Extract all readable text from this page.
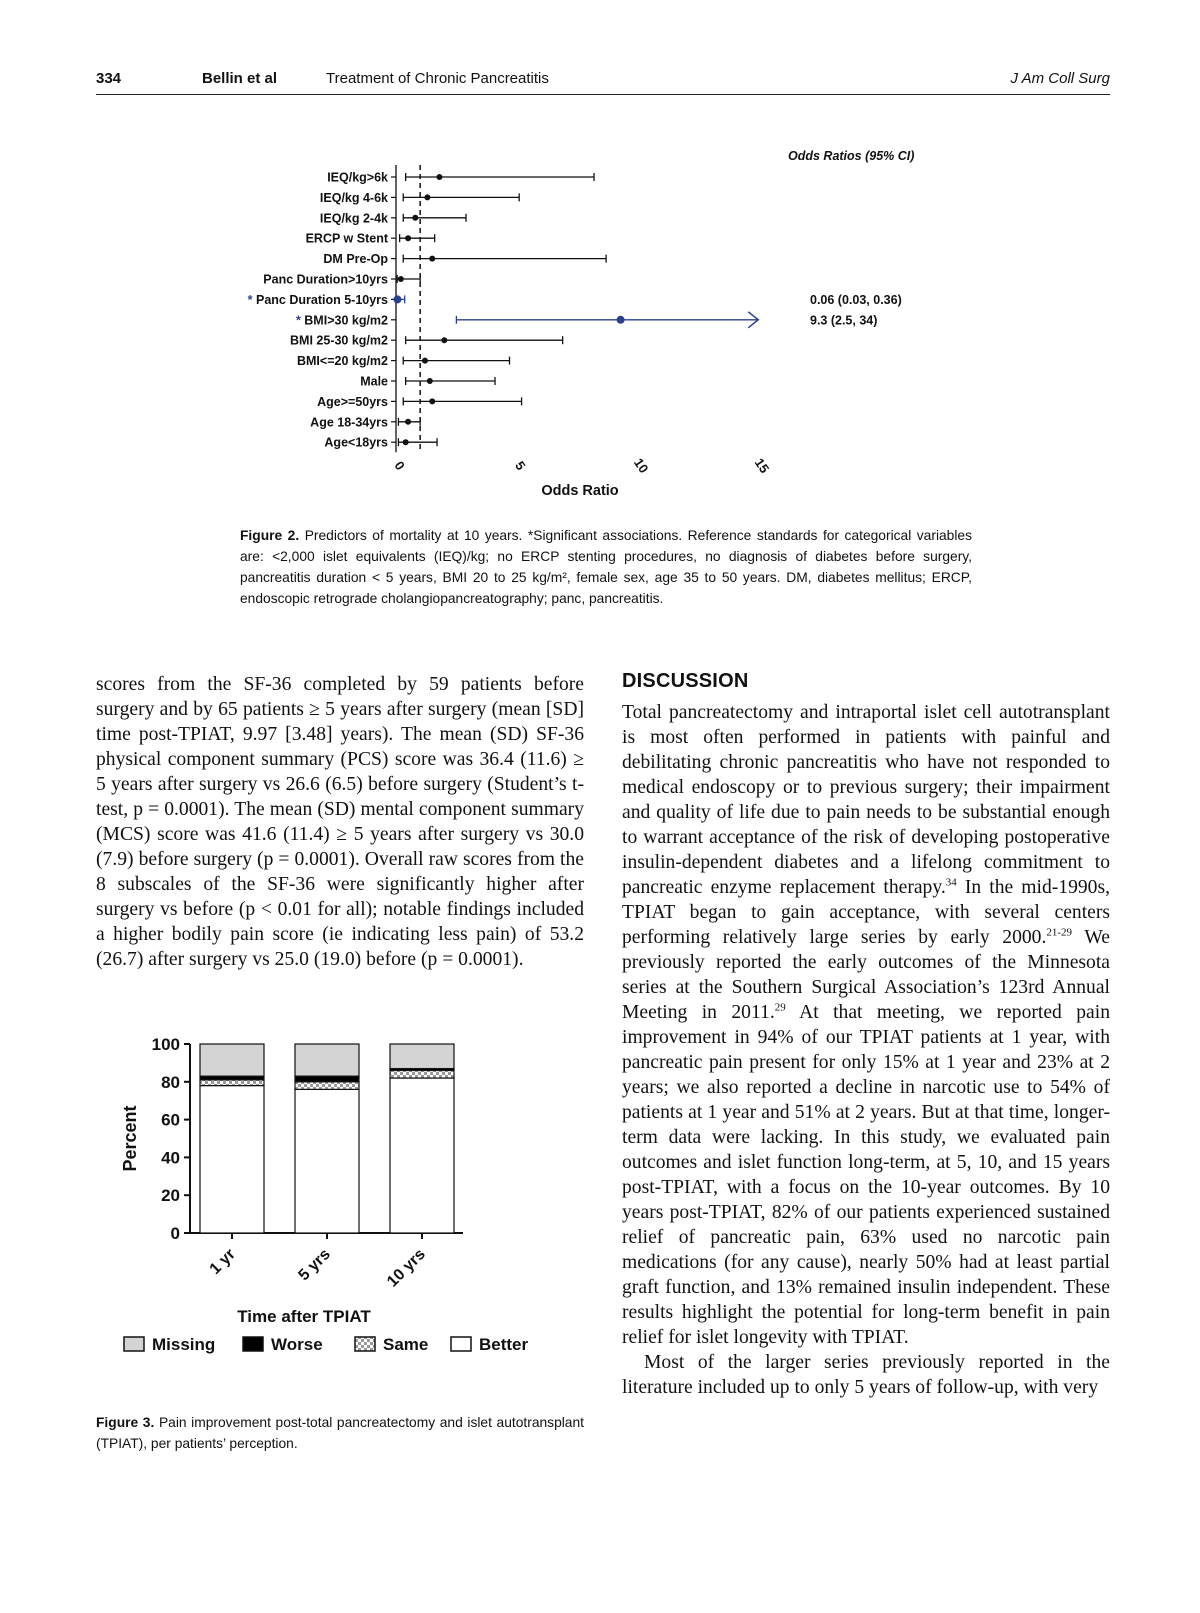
334	Bellin et al	Treatment of Chronic Pancreatitis	J Am Coll Surg
Odds Ratios (95% CI)
IEQ/kg>6k
IEQ/kg 4-6k
IEQ/kg 2-4k
ERCP w Stent
DM Pre-Op
Panc Duration>10yrs
* Panc Duration 5-10yrs	0.06 (0.03, 0.36)
* BMI>30 kg/m2	9.3 (2.5, 34)
BMI 25-30 kg/m2
BMI<=20 kg/m2
Male
Age>=50yrs
Age 18-34yrs
Age<18yrs
0	5	10	15
Odds Ratio
Figure 2. Predictors of mortality at 10 years. *Significant associations. Reference standards for categorical variables are: <2,000 islet equivalents (IEQ)/kg; no ERCP stenting procedures, no diagnosis of diabetes before surgery, pancreatitis duration < 5 years, BMI 20 to 25 kg/m², female sex, age 35 to 50 years. DM, diabetes mellitus; ERCP, endoscopic retrograde cholangiopancreatography; panc, pancreatitis.

scores from the SF-36 completed by 59 patients before surgery and by 65 patients ≥ 5 years after surgery (mean [SD] time post-TPIAT, 9.97 [3.48] years). The mean (SD) SF-36 physical component summary (PCS) score was 36.4 (11.6) ≥ 5 years after surgery vs 26.6 (6.5) before surgery (Student’s t-test, p = 0.0001). The mean (SD) mental component summary (MCS) score was 41.6 (11.4) ≥ 5 years after surgery vs 30.0 (7.9) before surgery (p = 0.0001). Overall raw scores from the 8 subscales of the SF-36 were significantly higher after surgery vs before (p < 0.01 for all); notable findings included a higher bodily pain score (ie indicating less pain) of 53.2 (26.7) after surgery vs 25.0 (19.0) before (p = 0.0001).

0
20
40
60
80
100
Percent
1 yr	5 yrs	10 yrs
Time after TPIAT
Missing	Worse	Same	Better
Figure 3. Pain improvement post-total pancreatectomy and islet autotransplant (TPIAT), per patients’ perception.
DISCUSSION

Total pancreatectomy and intraportal islet cell autotransplant is most often performed in patients with painful and debilitating chronic pancreatitis who have not responded to medical endoscopy or to previous surgery; their impairment and quality of life due to pain needs to be substantial enough to warrant acceptance of the risk of developing postoperative insulin-dependent diabetes and a lifelong commitment to pancreatic enzyme replacement therapy.$^{34}$ In the mid-1990s, TPIAT began to gain acceptance, with several centers performing relatively large series by early 2000.$^{21-29}$ We previously reported the early outcomes of the Minnesota series at the Southern Surgical Association’s 123rd Annual Meeting in 2011.29 At that meeting, we reported pain improvement in 94% of our TPIAT patients at 1 year, with pancreatic pain present for only 15% at 1 year and 23% at 2 years; we also reported a decline in narcotic use to 54% of patients at 1 year and 51% at 2 years. But at that time, longer-term data were lacking. In this study, we evaluated pain outcomes and islet function long-term, at 5, 10, and 15 years post-TPIAT, with a focus on the 10-year outcomes. By 10 years post-TPIAT, 82% of our patients experienced sustained relief of pancreatic pain, 63% used no narcotic pain medications (for any cause), nearly 50% had at least partial graft function, and 13% remained insulin independent. These results highlight the potential for long-term benefit in pain relief for islet longevity with TPIAT.

Most of the larger series previously reported in the literature included up to only 5 years of follow-up, with very
